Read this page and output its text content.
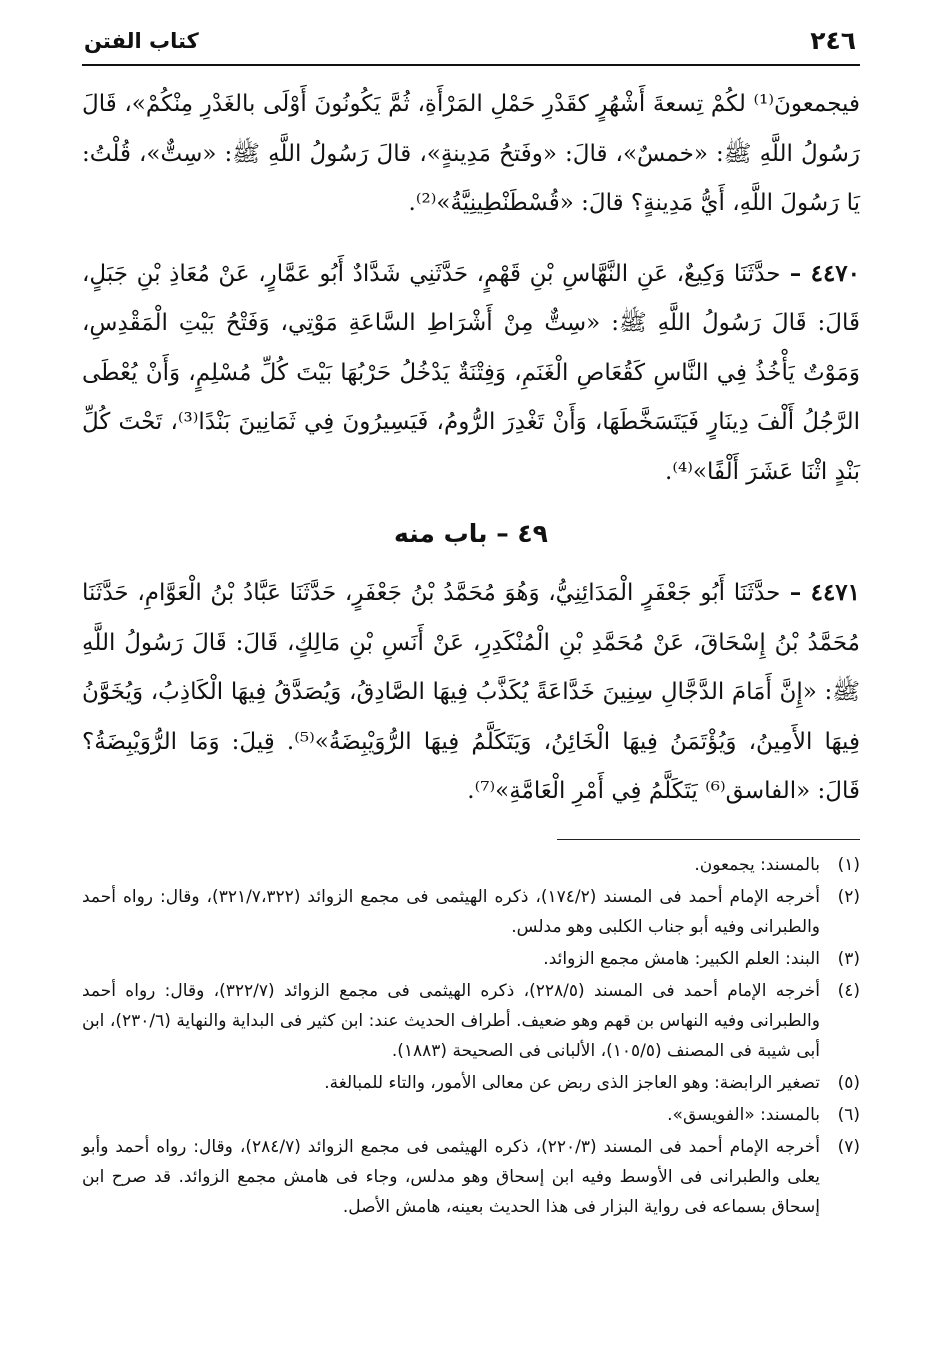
٢٤٦
كتاب الفتن

فيجمعونَ⁽¹⁾ لكُمْ تِسعةَ أَشْهُرٍ كقَدْرِ حَمْلِ المَرْأَةِ، ثُمَّ يَكُونُونَ أَوْلَى بالغَدْرِ مِنْكُمْ»، قَالَ رَسُولُ اللَّهِ ﷺ: «خمسٌ»، قالَ: «وفَتحُ مَدِينةٍ»، قالَ رَسُولُ اللَّهِ ﷺ: «سِتٌّ»، قُلْتُ: يَا رَسُولَ اللَّهِ، أَيُّ مَدِينةٍ؟ قالَ: «قُسْطَنْطِينِيَّةُ»⁽²⁾.

٤٤٧٠ – حدَّثَنَا وَكِيعٌ، عَنِ النَّهَّاسِ بْنِ قَهْمٍ، حَدَّثَنِي شَدَّادٌ أَبُو عَمَّارٍ، عَنْ مُعَاذِ بْنِ جَبَلٍ، قَالَ: قَالَ رَسُولُ اللَّهِ ﷺ: «سِتٌّ مِنْ أَشْرَاطِ السَّاعَةِ مَوْتِي، وَفَتْحُ بَيْتِ الْمَقْدِسِ، وَمَوْتٌ يَأْخُذُ فِي النَّاسِ كَقُعَاصِ الْغَنَمِ، وَفِتْنَةٌ يَدْخُلُ حَرْبُهَا بَيْتَ كُلِّ مُسْلِمٍ، وَأَنْ يُعْطَى الرَّجُلُ أَلْفَ دِينَارٍ فَيَتَسَخَّطَهَا، وَأَنْ تَغْدِرَ الرُّومُ، فَيَسِيرُونَ فِي ثَمَانِينَ بَنْدًا⁽³⁾، تَحْتَ كُلِّ بَنْدٍ اثْنَا عَشَرَ أَلْفًا»⁽⁴⁾.

٤٩ – باب منه

٤٤٧١ – حدَّثَنَا أَبُو جَعْفَرٍ الْمَدَائِنِيُّ، وَهُوَ مُحَمَّدُ بْنُ جَعْفَرٍ، حَدَّثَنَا عَبَّادُ بْنُ الْعَوَّامِ، حَدَّثَنَا مُحَمَّدُ بْنُ إِسْحَاقَ، عَنْ مُحَمَّدِ بْنِ الْمُنْكَدِرِ، عَنْ أَنَسِ بْنِ مَالِكٍ، قَالَ: قَالَ رَسُولُ اللَّهِ ﷺ: «إِنَّ أَمَامَ الدَّجَّالِ سِنِينَ خَدَّاعَةً يُكَذَّبُ فِيهَا الصَّادِقُ، وَيُصَدَّقُ فِيهَا الْكَاذِبُ، وَيُخَوَّنُ فِيهَا الأَمِينُ، وَيُؤْتَمَنُ فِيهَا الْخَائِنُ، وَيَتَكَلَّمُ فِيهَا الرُّوَيْبِضَةُ»⁽⁵⁾. قِيلَ: وَمَا الرُّوَيْبِضَةُ؟ قَالَ: «الفاسق⁽⁶⁾ يَتَكَلَّمُ فِي أَمْرِ الْعَامَّةِ»⁽⁷⁾.

(١)
بالمسند: يجمعون.
(٢)
أخرجه الإمام أحمد فى المسند (١٧٤/٢)، ذكره الهيثمى فى مجمع الزوائد (٣٢١/٧،٣٢٢)، وقال: رواه أحمد والطبرانى وفيه أبو جناب الكلبى وهو مدلس.
(٣)
البند: العلم الكبير: هامش مجمع الزوائد.
(٤)
أخرجه الإمام أحمد فى المسند (٢٢٨/٥)، ذكره الهيثمى فى مجمع الزوائد (٣٢٢/٧)، وقال: رواه أحمد والطبرانى وفيه النهاس بن قهم وهو ضعيف. أطراف الحديث عند: ابن كثير فى البداية والنهاية (٢٣٠/٦)، ابن أبى شيبة فى المصنف (١٠٥/٥)، الألبانى فى الصحيحة (١٨٨٣).
(٥)
تصغير الرابضة: وهو العاجز الذى ربض عن معالى الأمور، والتاء للمبالغة.
(٦)
بالمسند: «الفويسق».
(٧)
أخرجه الإمام أحمد فى المسند (٢٢٠/٣)، ذكره الهيثمى فى مجمع الزوائد (٢٨٤/٧)، وقال: رواه أحمد وأبو يعلى والطبرانى فى الأوسط وفيه ابن إسحاق وهو مدلس، وجاء فى هامش مجمع الزوائد. قد صرح ابن إسحاق بسماعه فى رواية البزار فى هذا الحديث بعينه، هامش الأصل.
